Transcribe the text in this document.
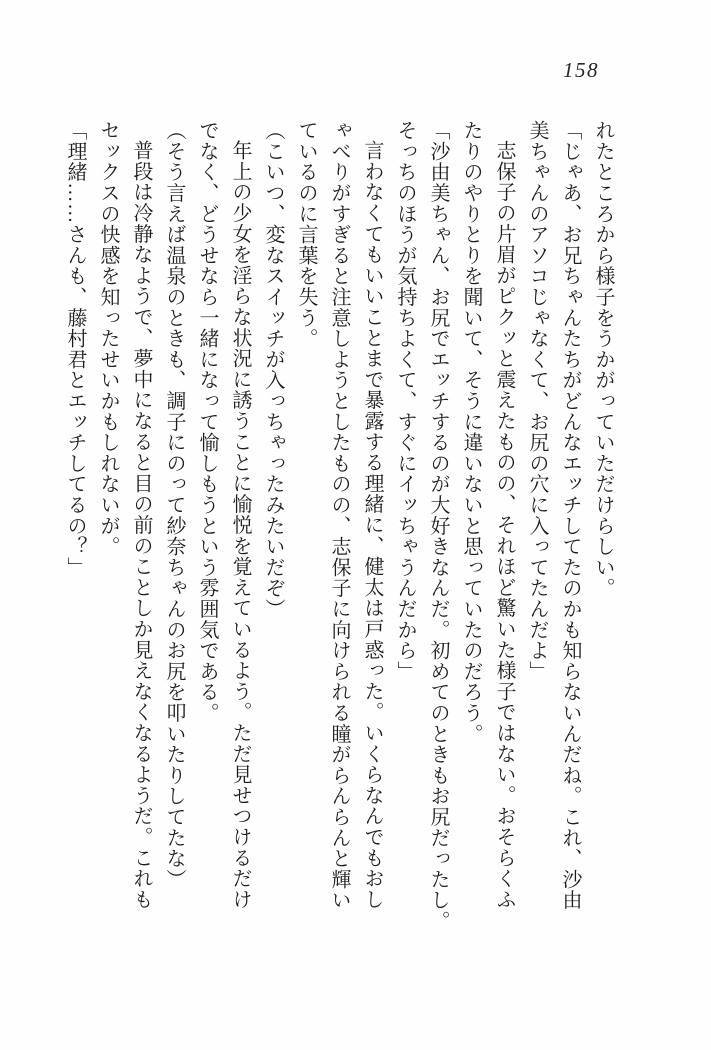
158
れたところから様子をうかがっていただけらしい。
「じゃあ、お兄ちゃんたちがどんなエッチしてたのかも知らないんだね。これ、沙由
美ちゃんのアソコじゃなくて、お尻の穴に入ってたんだよ」
志保子の片眉がピクッと震えたものの、それほど驚いた様子ではない。おそらくふ
たりのやりとりを聞いて、そうに違いないと思っていたのだろう。
「沙由美ちゃん、お尻でエッチするのが大好きなんだ。初めてのときもお尻だったし。
そっちのほうが気持ちよくて、すぐにイッちゃうんだから」
言わなくてもいいことまで暴露する理緒に、健太は戸惑った。いくらなんでもおし
ゃべりがすぎると注意しようとしたものの、志保子に向けられる瞳がらんらんと輝い
ているのに言葉を失う。
（こいつ、変なスイッチが入っちゃったみたいだぞ）
年上の少女を淫らな状況に誘うことに愉悦を覚えているよう。ただ見せつけるだけ
でなく、どうせなら一緒になって愉しもうという雰囲気である。
（そう言えば温泉のときも、調子にのって紗奈ちゃんのお尻を叩いたりしてたな）
普段は冷静なようで、夢中になると目の前のことしか見えなくなるようだ。これも
セックスの快感を知ったせいかもしれないが。
「理緒……さんも、藤村君とエッチしてるの？」
